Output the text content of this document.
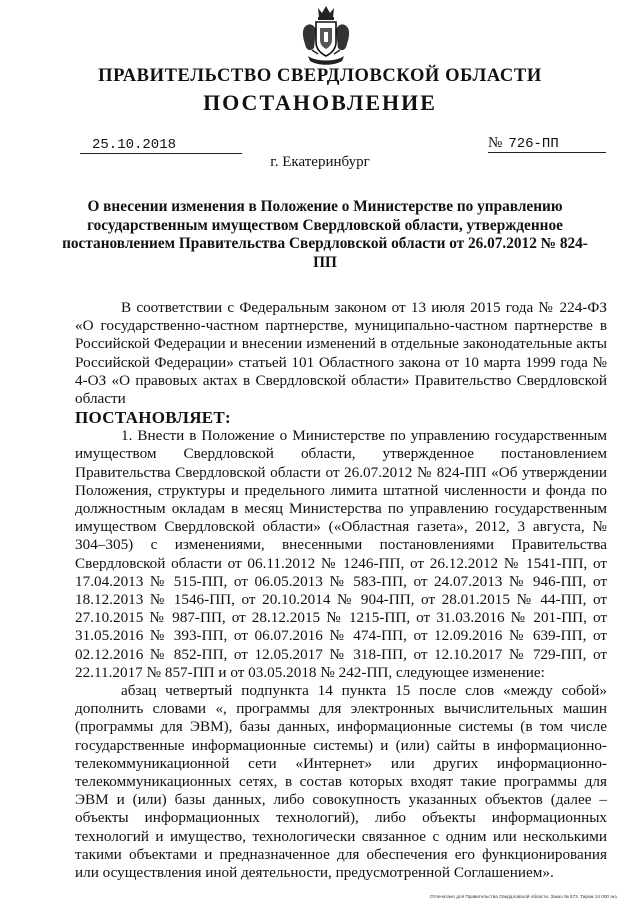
ПРАВИТЕЛЬСТВО СВЕРДЛОВСКОЙ ОБЛАСТИ
ПОСТАНОВЛЕНИЕ
25.10.2018	№ 726-ПП
г. Екатеринбург
О внесении изменения в Положение о Министерстве по управлению государственным имуществом Свердловской области, утвержденное постановлением Правительства Свердловской области от 26.07.2012 № 824-ПП

В соответствии с Федеральным законом от 13 июля 2015 года № 224-ФЗ «О государственно-частном партнерстве, муниципально-частном партнерстве в Российской Федерации и внесении изменений в отдельные законодательные акты Российской Федерации» статьей 101 Областного закона от 10 марта 1999 года № 4-ОЗ «О правовых актах в Свердловской области» Правительство Свердловской области

ПОСТАНОВЛЯЕТ:

1. Внести в Положение о Министерстве по управлению государственным имуществом Свердловской области, утвержденное постановлением Правительства Свердловской области от 26.07.2012 № 824-ПП «Об утверждении Положения, структуры и предельного лимита штатной численности и фонда по должностным окладам в месяц Министерства по управлению государственным имуществом Свердловской области» («Областная газета», 2012, 3 августа, № 304–305) с изменениями, внесенными постановлениями Правительства Свердловской области от 06.11.2012 № 1246-ПП, от 26.12.2012 № 1541-ПП, от 17.04.2013 № 515-ПП, от 06.05.2013 № 583-ПП, от 24.07.2013 № 946-ПП, от 18.12.2013 № 1546-ПП, от 20.10.2014 № 904-ПП, от 28.01.2015 № 44-ПП, от 27.10.2015 № 987-ПП, от 28.12.2015 № 1215-ПП, от 31.03.2016 № 201-ПП, от 31.05.2016 № 393-ПП, от 06.07.2016 № 474-ПП, от 12.09.2016 № 639-ПП, от 02.12.2016 № 852-ПП, от 12.05.2017 № 318-ПП, от 12.10.2017 № 729-ПП, от 22.11.2017 № 857-ПП и от 03.05.2018 № 242-ПП, следующее изменение:

абзац четвертый подпункта 14 пункта 15 после слов «между собой» дополнить словами «, программы для электронных вычислительных машин (программы для ЭВМ), базы данных, информационные системы (в том числе государственные информационные системы) и (или) сайты в информационно-телекоммуникационной сети «Интернет» или других информационно-телекоммуникационных сетях, в состав которых входят такие программы для ЭВМ и (или) базы данных, либо совокупность указанных объектов (далее – объекты информационных технологий), либо объекты информационных технологий и имущество, технологически связанное с одним или несколькими такими объектами и предназначенное для обеспечения его функционирования или осуществления иной деятельности, предусмотренной Соглашением».

Отпечатано для Правительства Свердловской области. Заказ № 573. Тираж 14 000 экз.
